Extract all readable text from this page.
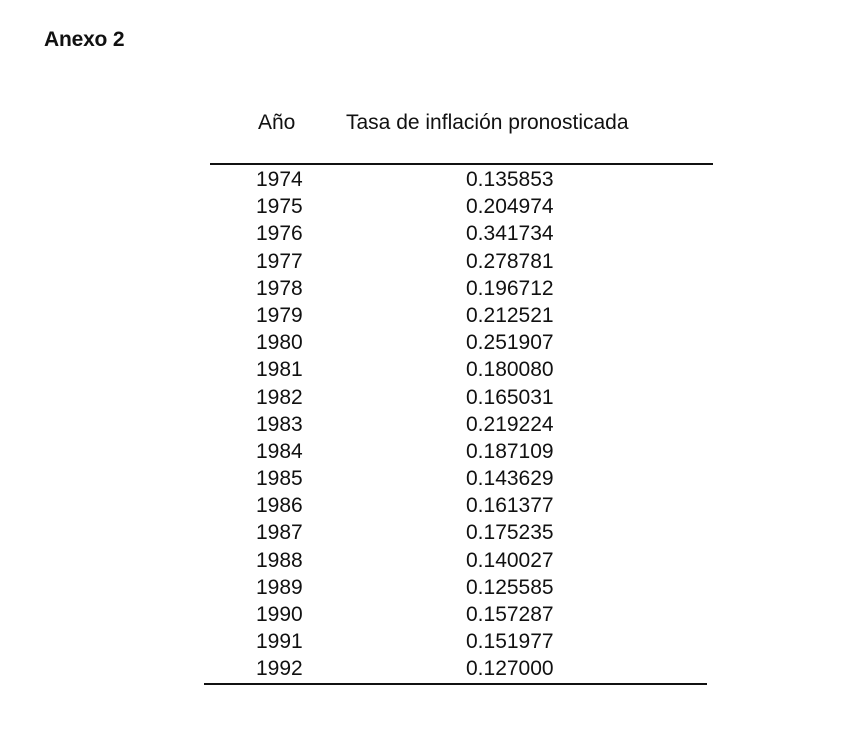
Anexo 2
Año Tasa de inflación pronosticada
1974	0.135853
1975	0.204974
1976	0.341734
1977	0.278781
1978	0.196712
1979	0.212521
1980	0.251907
1981	0.180080
1982	0.165031
1983	0.219224
1984	0.187109
1985	0.143629
1986	0.161377
1987	0.175235
1988	0.140027
1989	0.125585
1990	0.157287
1991	0.151977
1992	0.127000
